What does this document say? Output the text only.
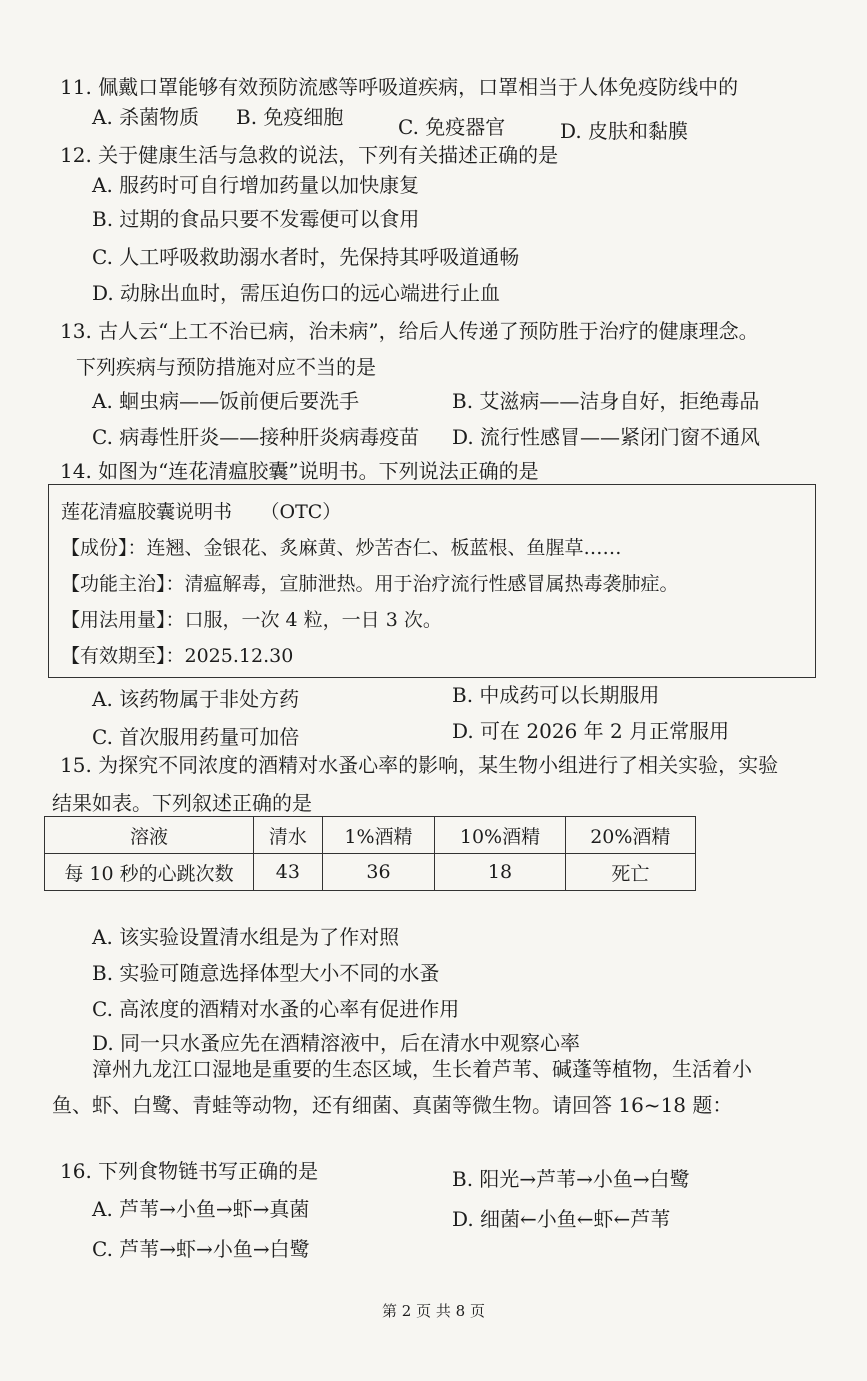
11. 佩戴口罩能够有效预防流感等呼吸道疾病，口罩相当于人体免疫防线中的
A. 杀菌物质 B. 免疫细胞	C. 免疫器官	D. 皮肤和黏膜
12. 关于健康生活与急救的说法，下列有关描述正确的是
A. 服药时可自行增加药量以加快康复
B. 过期的食品只要不发霉便可以食用
C. 人工呼吸救助溺水者时，先保持其呼吸道通畅
D. 动脉出血时，需压迫伤口的远心端进行止血
13. 古人云“上工不治已病，治未病”，给后人传递了预防胜于治疗的健康理念。
下列疾病与预防措施对应不当的是
A. 蛔虫病——饭前便后要洗手	B. 艾滋病——洁身自好，拒绝毒品
C. 病毒性肝炎——接种肝炎病毒疫苗 D. 流行性感冒——紧闭门窗不通风
14. 如图为“连花清瘟胶囊”说明书。下列说法正确的是
莲花清瘟胶囊说明书　　（OTC）
【成份】：连翘、金银花、炙麻黄、炒苦杏仁、板蓝根、鱼腥草……
【功能主治】：清瘟解毒，宣肺泄热。用于治疗流行性感冒属热毒袭肺症。
【用法用量】：口服，一次 4 粒，一日 3 次。
【有效期至】：2025.12.30
A. 该药物属于非处方药	B. 中成药可以长期服用
C. 首次服用药量可加倍	D. 可在 2026 年 2 月正常服用
15. 为探究不同浓度的酒精对水蚤心率的影响，某生物小组进行了相关实验，实验
结果如表。下列叙述正确的是
溶液	清水	1%酒精	10%酒精	20%酒精
每 10 秒的心跳次数	43	36	18	死亡
A. 该实验设置清水组是为了作对照
B. 实验可随意选择体型大小不同的水蚤
C. 高浓度的酒精对水蚤的心率有促进作用
D. 同一只水蚤应先在酒精溶液中，后在清水中观察心率
漳州九龙江口湿地是重要的生态区域，生长着芦苇、碱蓬等植物，生活着小
鱼、虾、白鹭、青蛙等动物，还有细菌、真菌等微生物。请回答 16~18 题：
16. 下列食物链书写正确的是
A. 芦苇→小鱼→虾→真菌
B. 阳光→芦苇→小鱼→白鹭
C. 芦苇→虾→小鱼→白鹭
D. 细菌←小鱼←虾←芦苇
第 2 页 共 8 页
